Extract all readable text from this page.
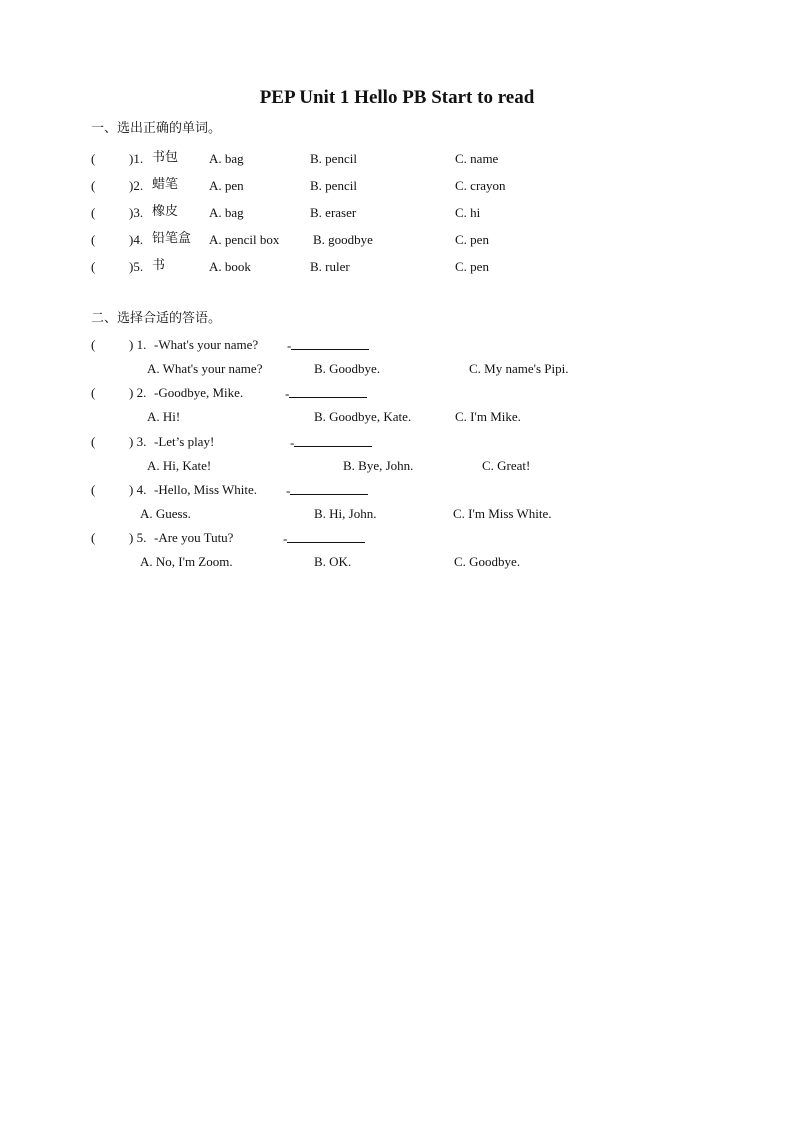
PEP Unit 1 Hello PB Start to read
一、选出正确的单词。
(	)1. 书包 A. bag	B. pencil	C. name
(	)2. 蜡笔 A. pen	B. pencil	C. crayon
(	)3. 橡皮 A. bag	B. eraser	C. hi
(	)4. 铅笔盒 A. pencil box	B. goodbye	C. pen
(	)5. 书	A. book	B. ruler	C. pen
二、选择合适的答语。
(	) 1. -What's your name? -
A. What's your name?	B. Goodbye.	C. My name's Pipi.
(	) 2. -Goodbye, Mike.	-
A. Hi!	B. Goodbye, Kate.	C. I'm Mike.
(	) 3. -Let’s play!	-
A. Hi, Kate!	B. Bye, John.	C. Great!
(	) 4. -Hello, Miss White. -
A. Guess.	B. Hi, John.	C. I'm Miss White.
(	) 5. -Are you Tutu?	-
A. No, I'm Zoom.	B. OK.	C. Goodbye.
